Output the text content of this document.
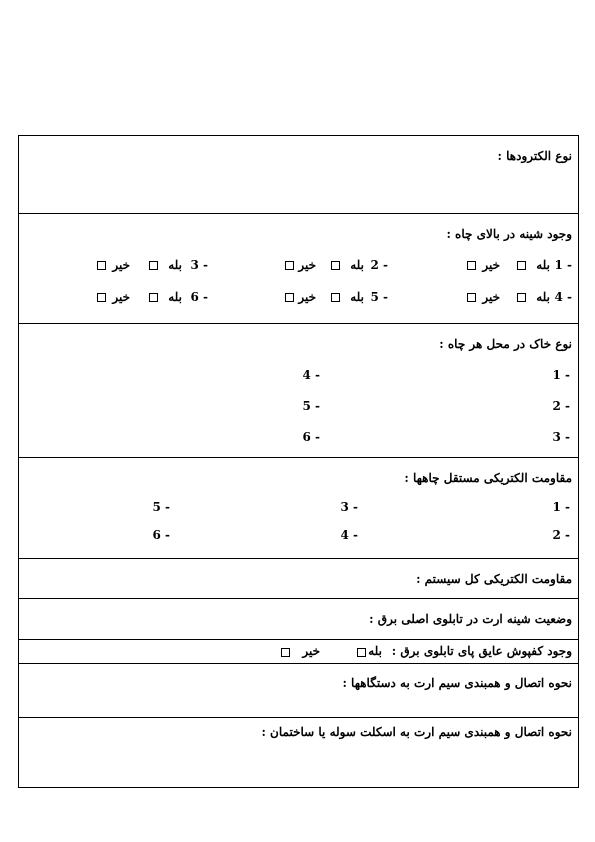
نوع الکترودها :
وجود شینه در بالای چاه :
1 -
بله
خیر
2 -
بله
خیر
3 -
بله
خیر
4 -
بله
خیر
5 -
بله
خیر
6 -
بله
خیر
نوع خاک در محل هر چاه :
1 -
2 -
3 -
4 -
5 -
6 -
مقاومت الکتریکی مستقل چاهها :
1 -
2 -
3 -
4 -
5 -
6 -
مقاومت الکتریکی کل سیستم :
وضعیت شینه ارت در تابلوی اصلی برق :
وجود کفپوش عایق پای تابلوی برق :
بله
خیر
نحوه اتصال و همبندی سیم ارت به دستگاهها :
نحوه اتصال و همبندی سیم ارت به اسکلت سوله یا ساختمان :
